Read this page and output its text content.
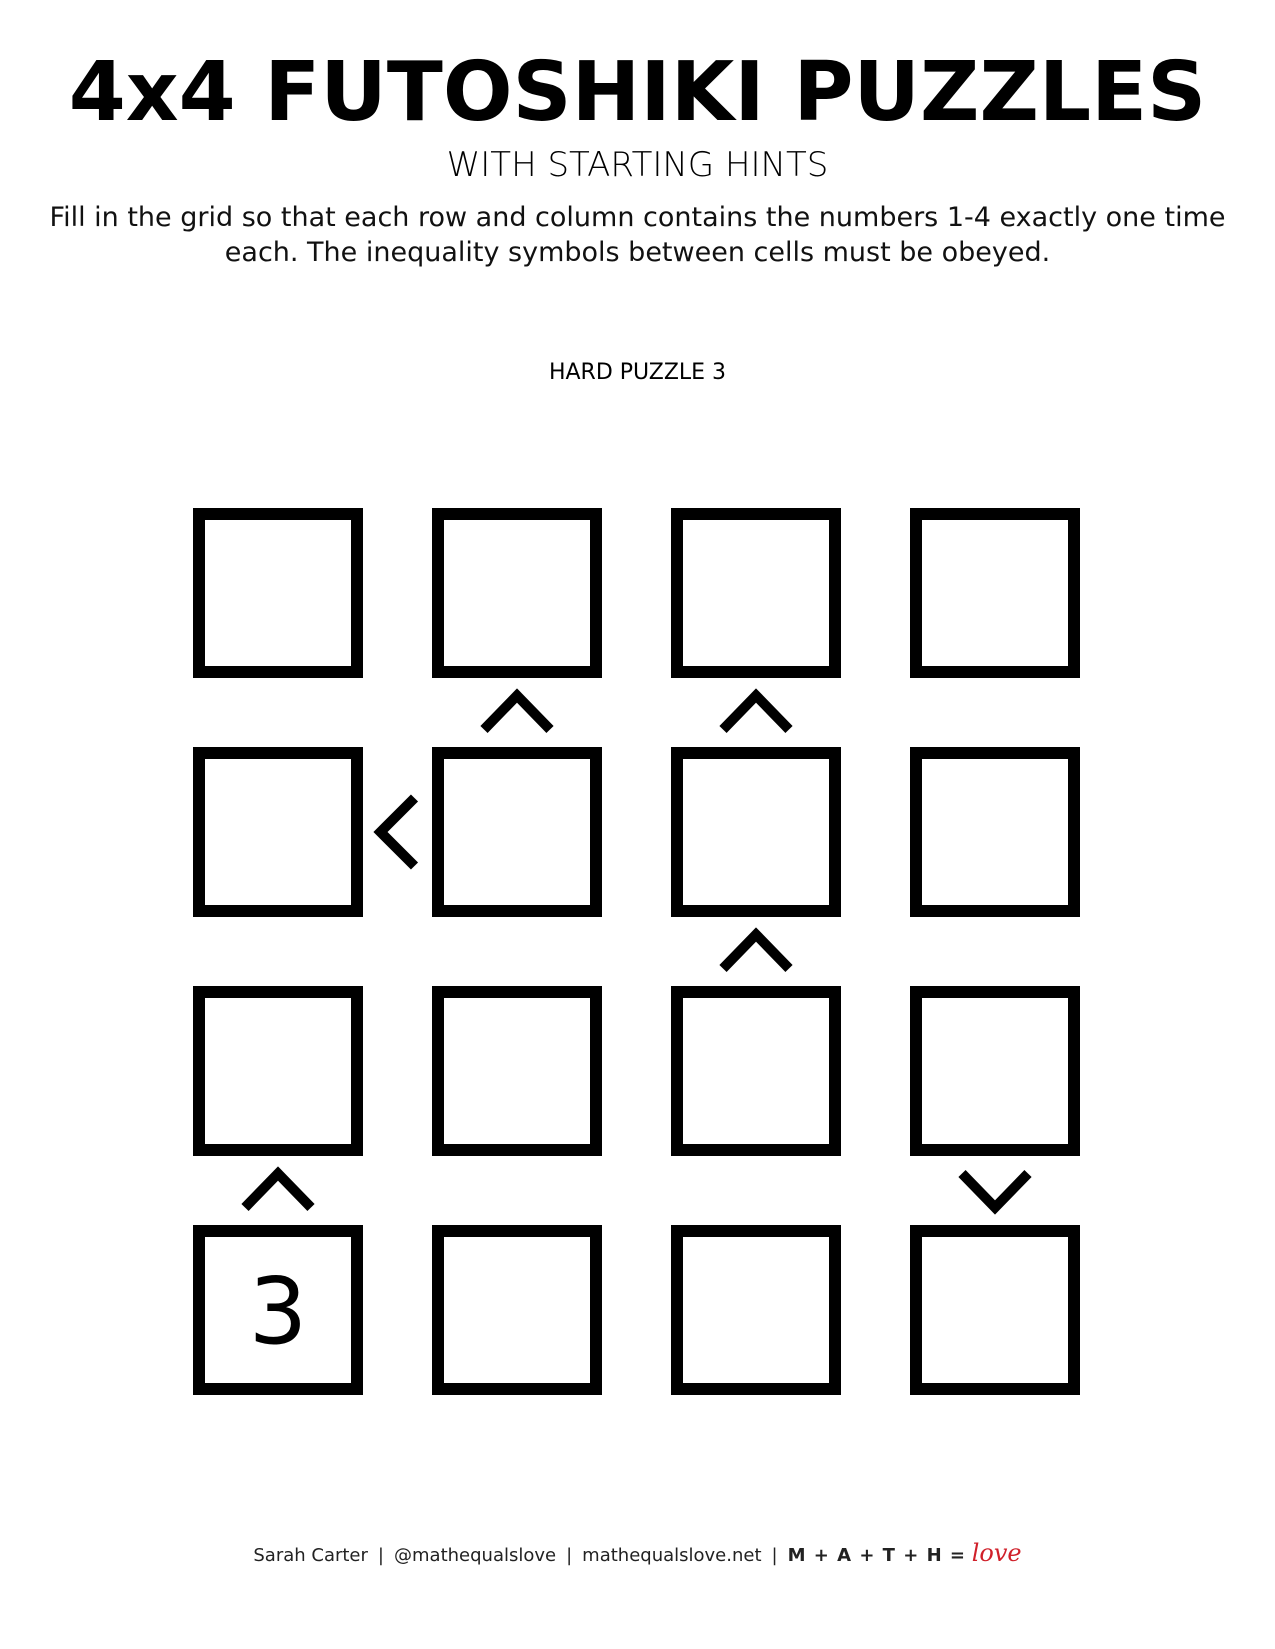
4x4 FUTOSHIKI PUZZLES
WITH STARTING HINTS
Fill in the grid so that each row and column contains the numbers 1-4 exactly one time each. The inequality symbols between cells must be obeyed.
HARD PUZZLE 3
3
Sarah Carter | @mathequalslove | mathequalslove.net | M + A + T + H = love
